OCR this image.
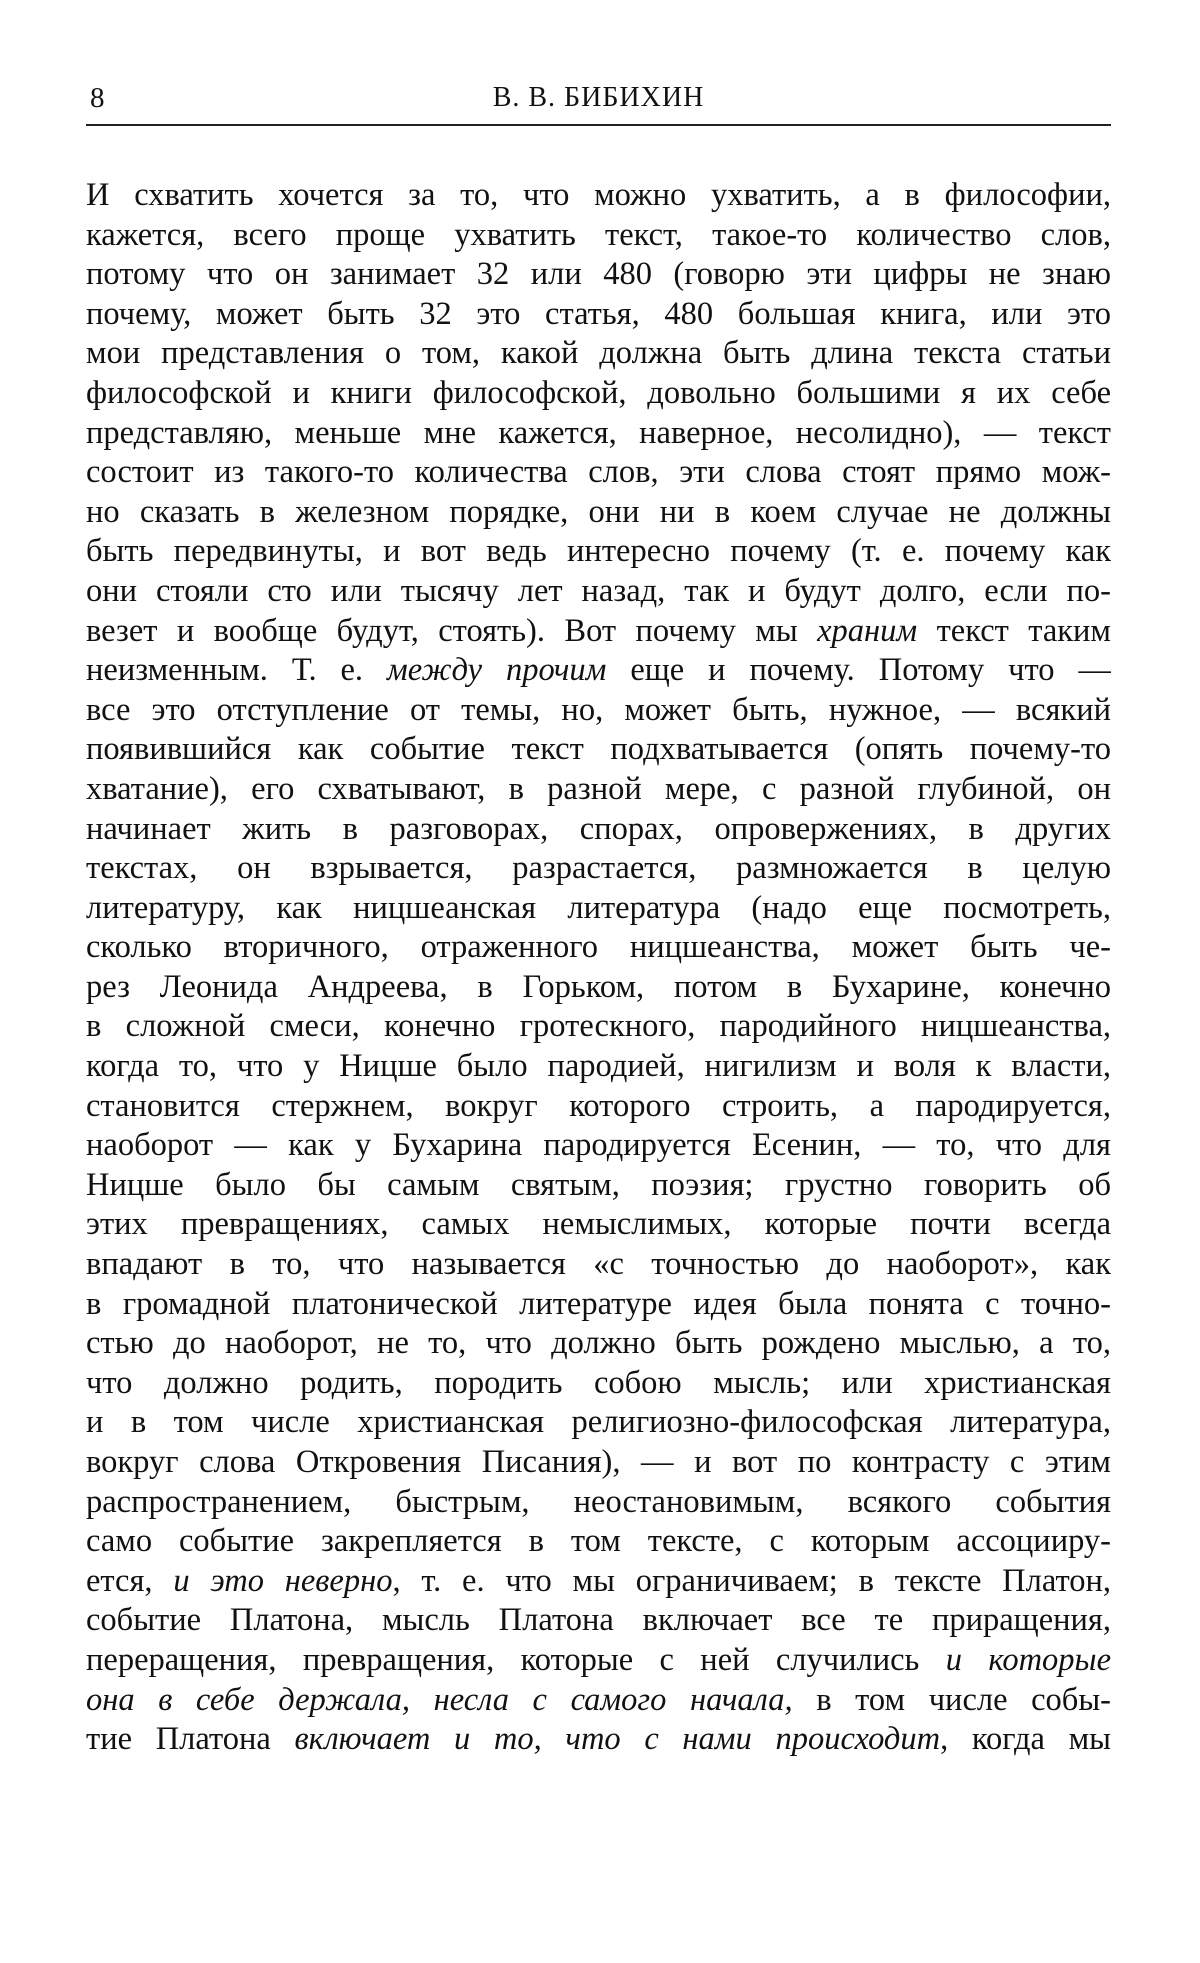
8	В. В. БИБИХИН
И схватить хочется за то, что можно ухватить, а в философии,
кажется, всего проще ухватить текст, такое-то количество слов,
потому что он занимает 32 или 480 (говорю эти цифры не знаю
почему, может быть 32 это статья, 480 большая книга, или это
мои представления о том, какой должна быть длина текста статьи
философской и книги философской, довольно большими я их себе
представляю, меньше мне кажется, наверное, несолидно), — текст
состоит из такого-то количества слов, эти слова стоят прямо мож-
но сказать в железном порядке, они ни в коем случае не должны
быть передвинуты, и вот ведь интересно почему (т. е. почему как
они стояли сто или тысячу лет назад, так и будут долго, если по-
везет и вообще будут, стоять). Вот почему мы храним текст таким
неизменным. Т. е. между прочим еще и почему. Потому что —
все это отступление от темы, но, может быть, нужное, — всякий
появившийся как событие текст подхватывается (опять почему-то
хватание), его схватывают, в разной мере, с разной глубиной, он
начинает жить в разговорах, спорах, опровержениях, в других
текстах, он взрывается, разрастается, размножается в целую
литературу, как ницшеанская литература (надо еще посмотреть,
сколько вторичного, отраженного ницшеанства, может быть че-
рез Леонида Андреева, в Горьком, потом в Бухарине, конечно
в сложной смеси, конечно гротескного, пародийного ницшеанства,
когда то, что у Ницше было пародией, нигилизм и воля к власти,
становится стержнем, вокруг которого строить, а пародируется,
наоборот — как у Бухарина пародируется Есенин, — то, что для
Ницше было бы самым святым, поэзия; грустно говорить об
этих превращениях, самых немыслимых, которые почти всегда
впадают в то, что называется «с точностью до наоборот», как
в громадной платонической литературе идея была понята с точно-
стью до наоборот, не то, что должно быть рождено мыслью, а то,
что должно родить, породить собою мысль; или христианская
и в том числе христианская религиозно-философская литература,
вокруг слова Откровения Писания), — и вот по контрасту с этим
распространением, быстрым, неостановимым, всякого события
само событие закрепляется в том тексте, с которым ассоцииру-
ется, и это неверно, т. е. что мы ограничиваем; в тексте Платон,
событие Платона, мысль Платона включает все те приращения,
перерaщения, превращения, которые с ней случились и которые
она в себе держала, несла с самого начала, в том числе собы-
тие Платона включает и то, что с нами происходит, когда мы
